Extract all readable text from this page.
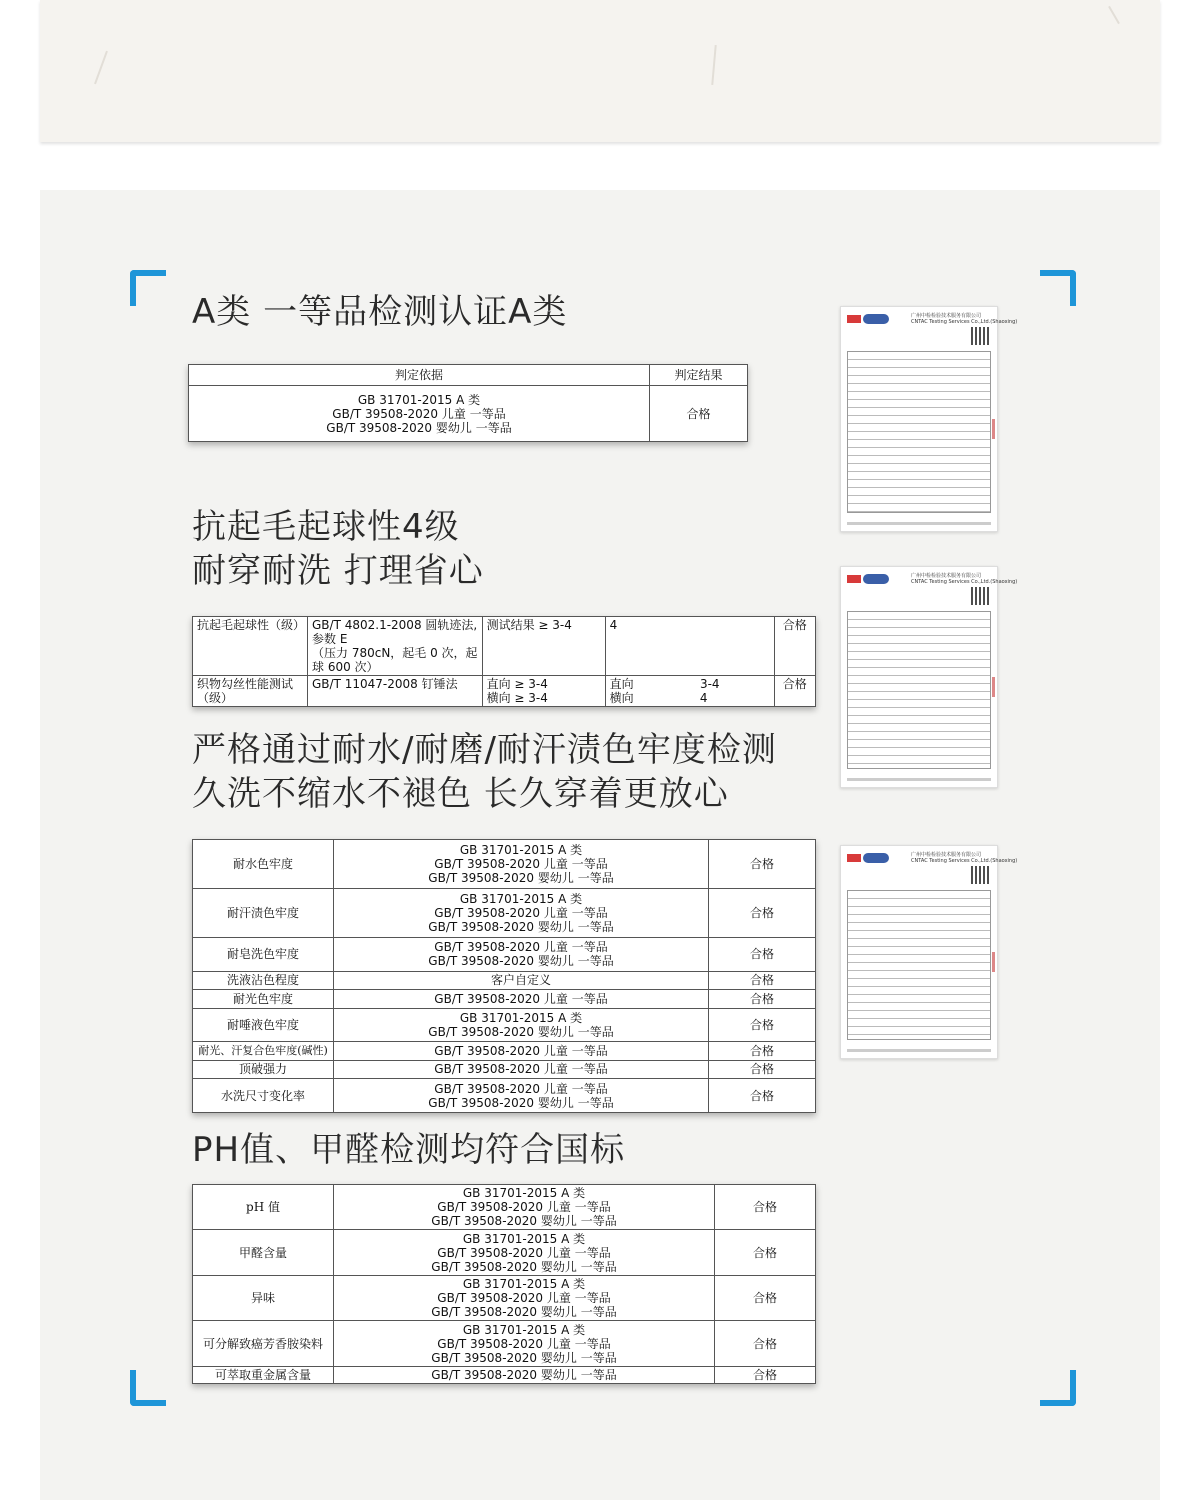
A类 一等品检测认证A类
抗起毛起球性4级
耐穿耐洗 打理省心
严格通过耐水/耐磨/耐汗渍色牢度检测
久洗不缩水不褪色 长久穿着更放心
PH值、甲醛检测均符合国标
判定依据	判定结果

GB 31701-2015 A 类
GB/T 39508-2020 儿童 一等品
GB/T 39508-2020 婴幼儿 一等品	合格
抗起毛起球性（级）	GB/T 4802.1-2008 圆轨迹法,
参数 E
（压力 780cN，起毛 0 次，起
球 600 次）	测试结果 ≥ 3-4	4	合格
织物勾丝性能测试（级）	GB/T 11047-2008 钉锤法	直向 ≥ 3-4
横向 ≥ 3-4	直向 3-4
横向 4	合格
耐水色牢度	GB 31701-2015 A 类
GB/T 39508-2020 儿童 一等品
GB/T 39508-2020 婴幼儿 一等品	合格
耐汗渍色牢度	GB 31701-2015 A 类
GB/T 39508-2020 儿童 一等品
GB/T 39508-2020 婴幼儿 一等品	合格
耐皂洗色牢度	GB/T 39508-2020 儿童 一等品
GB/T 39508-2020 婴幼儿 一等品	合格
洗液沾色程度	客户自定义	合格
耐光色牢度	GB/T 39508-2020 儿童 一等品	合格
耐唾液色牢度	GB 31701-2015 A 类
GB/T 39508-2020 婴幼儿 一等品	合格
耐光、汗复合色牢度(碱性)	GB/T 39508-2020 儿童 一等品	合格
顶破强力	GB/T 39508-2020 儿童 一等品	合格
水洗尺寸变化率	GB/T 39508-2020 儿童 一等品
GB/T 39508-2020 婴幼儿 一等品	合格
pH 值	GB 31701-2015 A 类
GB/T 39508-2020 儿童 一等品
GB/T 39508-2020 婴幼儿 一等品	合格
甲醛含量	GB 31701-2015 A 类
GB/T 39508-2020 儿童 一等品
GB/T 39508-2020 婴幼儿 一等品	合格
异味	GB 31701-2015 A 类
GB/T 39508-2020 儿童 一等品
GB/T 39508-2020 婴幼儿 一等品	合格
可分解致癌芳香胺染料	GB 31701-2015 A 类
GB/T 39508-2020 儿童 一等品
GB/T 39508-2020 婴幼儿 一等品	合格
可萃取重金属含量	GB/T 39508-2020 婴幼儿 一等品	合格
广州中检检验技术服务有限公司
CNTAC Testing Services Co.,Ltd.(Shaoxing)
广州中检检验技术服务有限公司
CNTAC Testing Services Co.,Ltd.(Shaoxing)
广州中检检验技术服务有限公司
CNTAC Testing Services Co.,Ltd.(Shaoxing)
